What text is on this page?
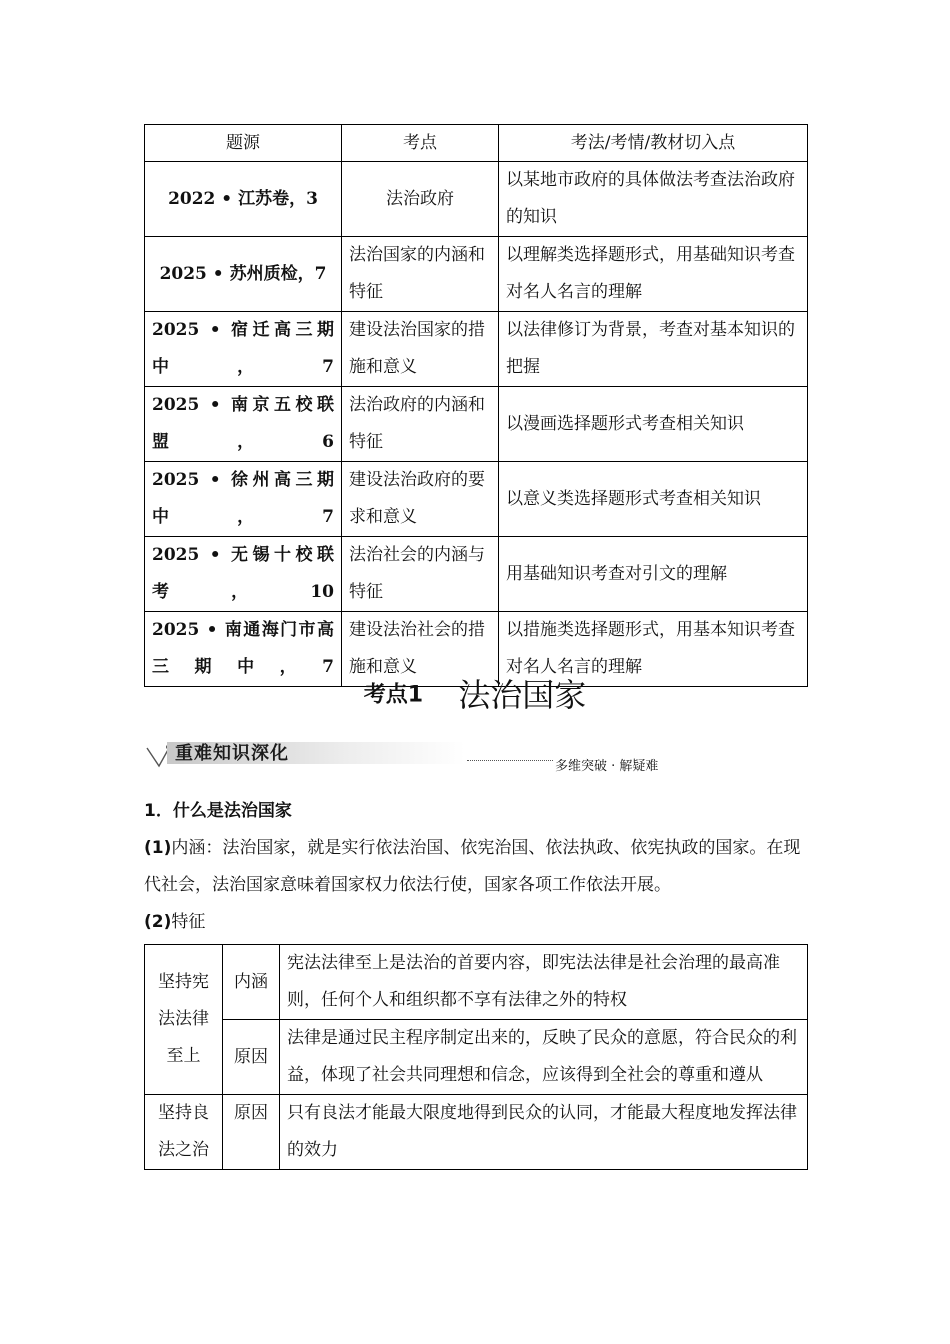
题源	考点	考法/考情/教材切入点
2022 • 江苏卷，3	法治政府	以某地市政府的具体做法考查法治政府的知识
2025 • 苏州质检，7	法治国家的内涵和特征	以理解类选择题形式，用基础知识考查对名人名言的理解
2025 • 宿迁高三期中，7	建设法治国家的措施和意义	以法律修订为背景，考查对基本知识的把握
2025 • 南京五校联盟，6	法治政府的内涵和特征	以漫画选择题形式考查相关知识
2025 • 徐州高三期中，7	建设法治政府的要求和意义	以意义类选择题形式考查相关知识
2025 • 无锡十校联考，10	法治社会的内涵与特征	用基础知识考查对引文的理解
2025 • 南通海门市高三期中，7	建设法治社会的措施和意义	以措施类选择题形式，用基本知识考查对名人名言的理解
考点1 法治国家
重难知识深化
多维突破 · 解疑难

1．什么是法治国家

(1)内涵：法治国家，就是实行依法治国、依宪治国、依法执政、依宪执政的国家。在现代社会，法治国家意味着国家权力依法行使，国家各项工作依法开展。

(2)特征

坚持宪法法律至上	内涵	宪法法律至上是法治的首要内容，即宪法法律是社会治理的最高准则，任何个人和组织都不享有法律之外的特权
	原因	法律是通过民主程序制定出来的，反映了民众的意愿，符合民众的利益，体现了社会共同理想和信念，应该得到全社会的尊重和遵从
坚持良法之治	原因	只有良法才能最大限度地得到民众的认同，才能最大程度地发挥法律的效力
